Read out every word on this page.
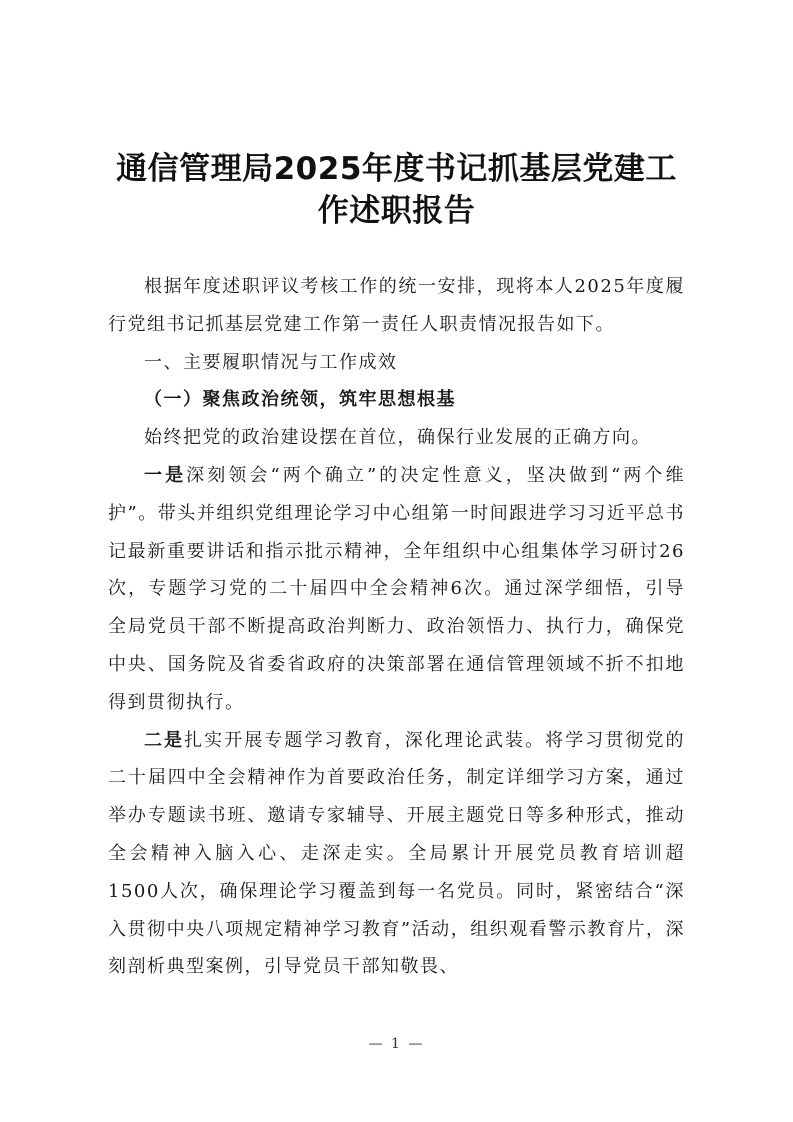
通信管理局2025年度书记抓基层党建工
作述职报告

根据年度述职评议考核工作的统一安排，现将本人2025年度履行党组书记抓基层党建工作第一责任人职责情况报告如下。

一、主要履职情况与工作成效

（一）聚焦政治统领，筑牢思想根基

始终把党的政治建设摆在首位，确保行业发展的正确方向。

一是深刻领会“两个确立”的决定性意义，坚决做到“两个维护”。带头并组织党组理论学习中心组第一时间跟进学习习近平总书记最新重要讲话和指示批示精神，全年组织中心组集体学习研讨26次，专题学习党的二十届四中全会精神6次。通过深学细悟，引导全局党员干部不断提高政治判断力、政治领悟力、执行力，确保党中央、国务院及省委省政府的决策部署在通信管理领域不折不扣地得到贯彻执行。

二是扎实开展专题学习教育，深化理论武装。将学习贯彻党的二十届四中全会精神作为首要政治任务，制定详细学习方案，通过举办专题读书班、邀请专家辅导、开展主题党日等多种形式，推动全会精神入脑入心、走深走实。全局累计开展党员教育培训超1500人次，确保理论学习覆盖到每一名党员。同时，紧密结合“深入贯彻中央八项规定精神学习教育”活动，组织观看警示教育片，深刻剖析典型案例，引导党员干部知敬畏、

— 1 —
